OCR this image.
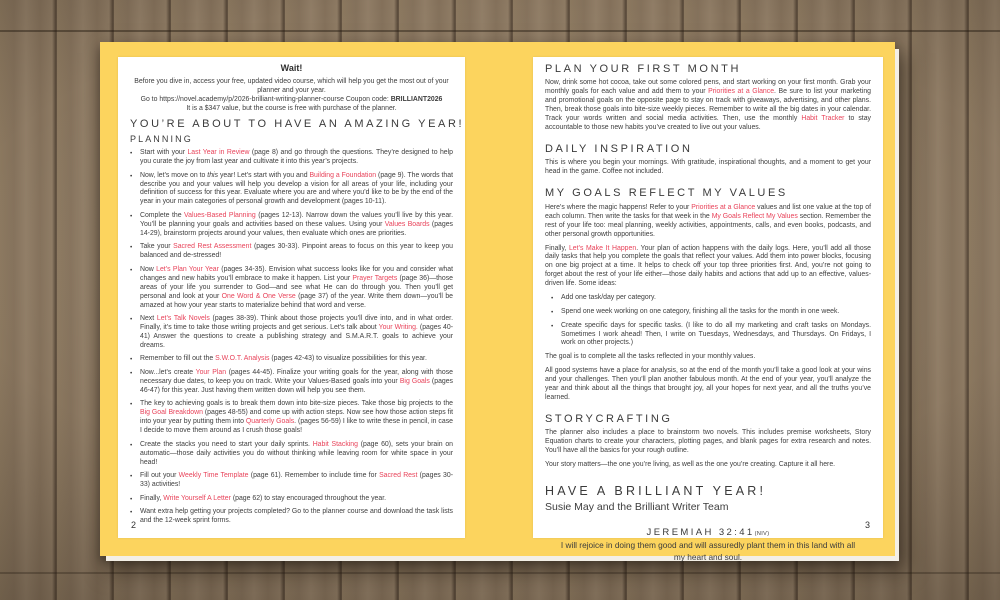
Wait!
Before you dive in, access your free, updated video course, which will help you get the most out of your planner and your year.
Go to https://novel.academy/p/2026-brilliant-writing-planner-course Coupon code: BRILLIANT2026
It is a $347 value, but the course is free with purchase of the planner.
YOU’RE ABOUT TO HAVE AN AMAZING YEAR!
PLANNING
•	Start with your Last Year in Review (page 8) and go through the questions. They’re designed to help you curate the joy from last year and cultivate it into this year’s projects.
•	Now, let’s move on to this year! Let’s start with you and Building a Foundation (page 9). The words that describe you and your values will help you develop a vision for all areas of your life, including your definition of success for this year. Evaluate where you are and where you’d like to be by the end of the year in your main categories of personal growth and development (pages 10-11).
•	Complete the Values-Based Planning (pages 12-13). Narrow down the values you’ll live by this year. You’ll be planning your goals and activities based on these values. Using your Values Boards (pages 14-29), brainstorm projects around your values, then evaluate which ones are priorities.
•	Take your Sacred Rest Assessment (pages 30-33). Pinpoint areas to focus on this year to keep you balanced and de-stressed!
•	Now Let’s Plan Your Year (pages 34-35). Envision what success looks like for you and consider what changes and new habits you’ll embrace to make it happen. List your Prayer Targets (page 36)—those areas of your life you surrender to God—and see what He can do through you. Then you’ll get personal and look at your One Word & One Verse (page 37) of the year. Write them down—you’ll be amazed at how your year starts to materialize behind that word and verse.
•	Next Let’s Talk Novels (pages 38-39). Think about those projects you’ll dive into, and in what order. Finally, it’s time to take those writing projects and get serious. Let’s talk about Your Writing. (pages 40-41) Answer the questions to create a publishing strategy and S.M.A.R.T. goals to achieve your dreams.
•	Remember to fill out the S.W.O.T. Analysis (pages 42-43) to visualize possibilities for this year.
•	Now...let’s create Your Plan (pages 44-45). Finalize your writing goals for the year, along with those necessary due dates, to keep you on track. Write your Values-Based goals into your Big Goals (pages 46-47) for this year. Just having them written down will help you see them.
•	The key to achieving goals is to break them down into bite-size pieces. Take those big projects to the Big Goal Breakdown (pages 48-55) and come up with action steps. Now see how those action steps fit into your year by putting them into Quarterly Goals. (pages 56-59) I like to write these in pencil, in case I decide to move them around as I crush those goals!
•	Create the stacks you need to start your daily sprints. Habit Stacking (page 60), sets your brain on automatic—those daily activities you do without thinking while leaving room for white space in your head!
•	Fill out your Weekly Time Template (page 61). Remember to include time for Sacred Rest (pages 30-33) activities!
•	Finally, Write Yourself A Letter (page 62) to stay encouraged throughout the year.
•	Want extra help getting your projects completed? Go to the planner course and download the task lists and the 12-week sprint forms.
2
PLAN YOUR FIRST MONTH
Now, drink some hot cocoa, take out some colored pens, and start working on your first month. Grab your monthly goals for each value and add them to your Priorities at a Glance. Be sure to list your marketing and promotional goals on the opposite page to stay on track with giveaways, advertising, and other plans. Then, break those goals into bite-size weekly pieces. Remember to write all the big dates in your calendar. Track your words written and social media activities. Then, use the monthly Habit Tracker to stay accountable to those new habits you’ve created to live out your values.
DAILY INSPIRATION
This is where you begin your mornings. With gratitude, inspirational thoughts, and a moment to get your head in the game. Coffee not included.
MY GOALS REFLECT MY VALUES
Here’s where the magic happens! Refer to your Priorities at a Glance values and list one value at the top of each column. Then write the tasks for that week in the My Goals Reflect My Values section. Remember the rest of your life too: meal planning, weekly activities, appointments, calls, and even books, podcasts, and other personal growth opportunities.
Finally, Let’s Make It Happen. Your plan of action happens with the daily logs. Here, you’ll add all those daily tasks that help you complete the goals that reflect your values. Add them into power blocks, focusing on one big project at a time. It helps to check off your top three priorities first. And, you’re not going to forget about the rest of your life either—those daily habits and actions that add up to an effective, values-driven life. Some ideas:
•	Add one task/day per category.
•	Spend one week working on one category, finishing all the tasks for the month in one week.
•	Create specific days for specific tasks. (I like to do all my marketing and craft tasks on Mondays. Sometimes I work ahead! Then, I write on Tuesdays, Wednesdays, and Thursdays. On Fridays, I work on other projects.)
The goal is to complete all the tasks reflected in your monthly values.
All good systems have a place for analysis, so at the end of the month you’ll take a good look at your wins and your challenges. Then you’ll plan another fabulous month. At the end of your year, you’ll analyze the year and think about all the things that brought joy, all your hopes for next year, and all the truths you’ve learned.
STORYCRAFTING
The planner also includes a place to brainstorm two novels. This includes premise worksheets, Story Equation charts to create your characters, plotting pages, and blank pages for extra research and notes. You’ll have all the basics for your rough outline.
Your story matters—the one you’re living, as well as the one you’re creating. Capture it all here.
HAVE A BRILLIANT YEAR!
Susie May and the Brilliant Writer Team
JEREMIAH 32:41(NIV)
I will rejoice in doing them good and will assuredly plant them in this land with all my heart and soul.
3
